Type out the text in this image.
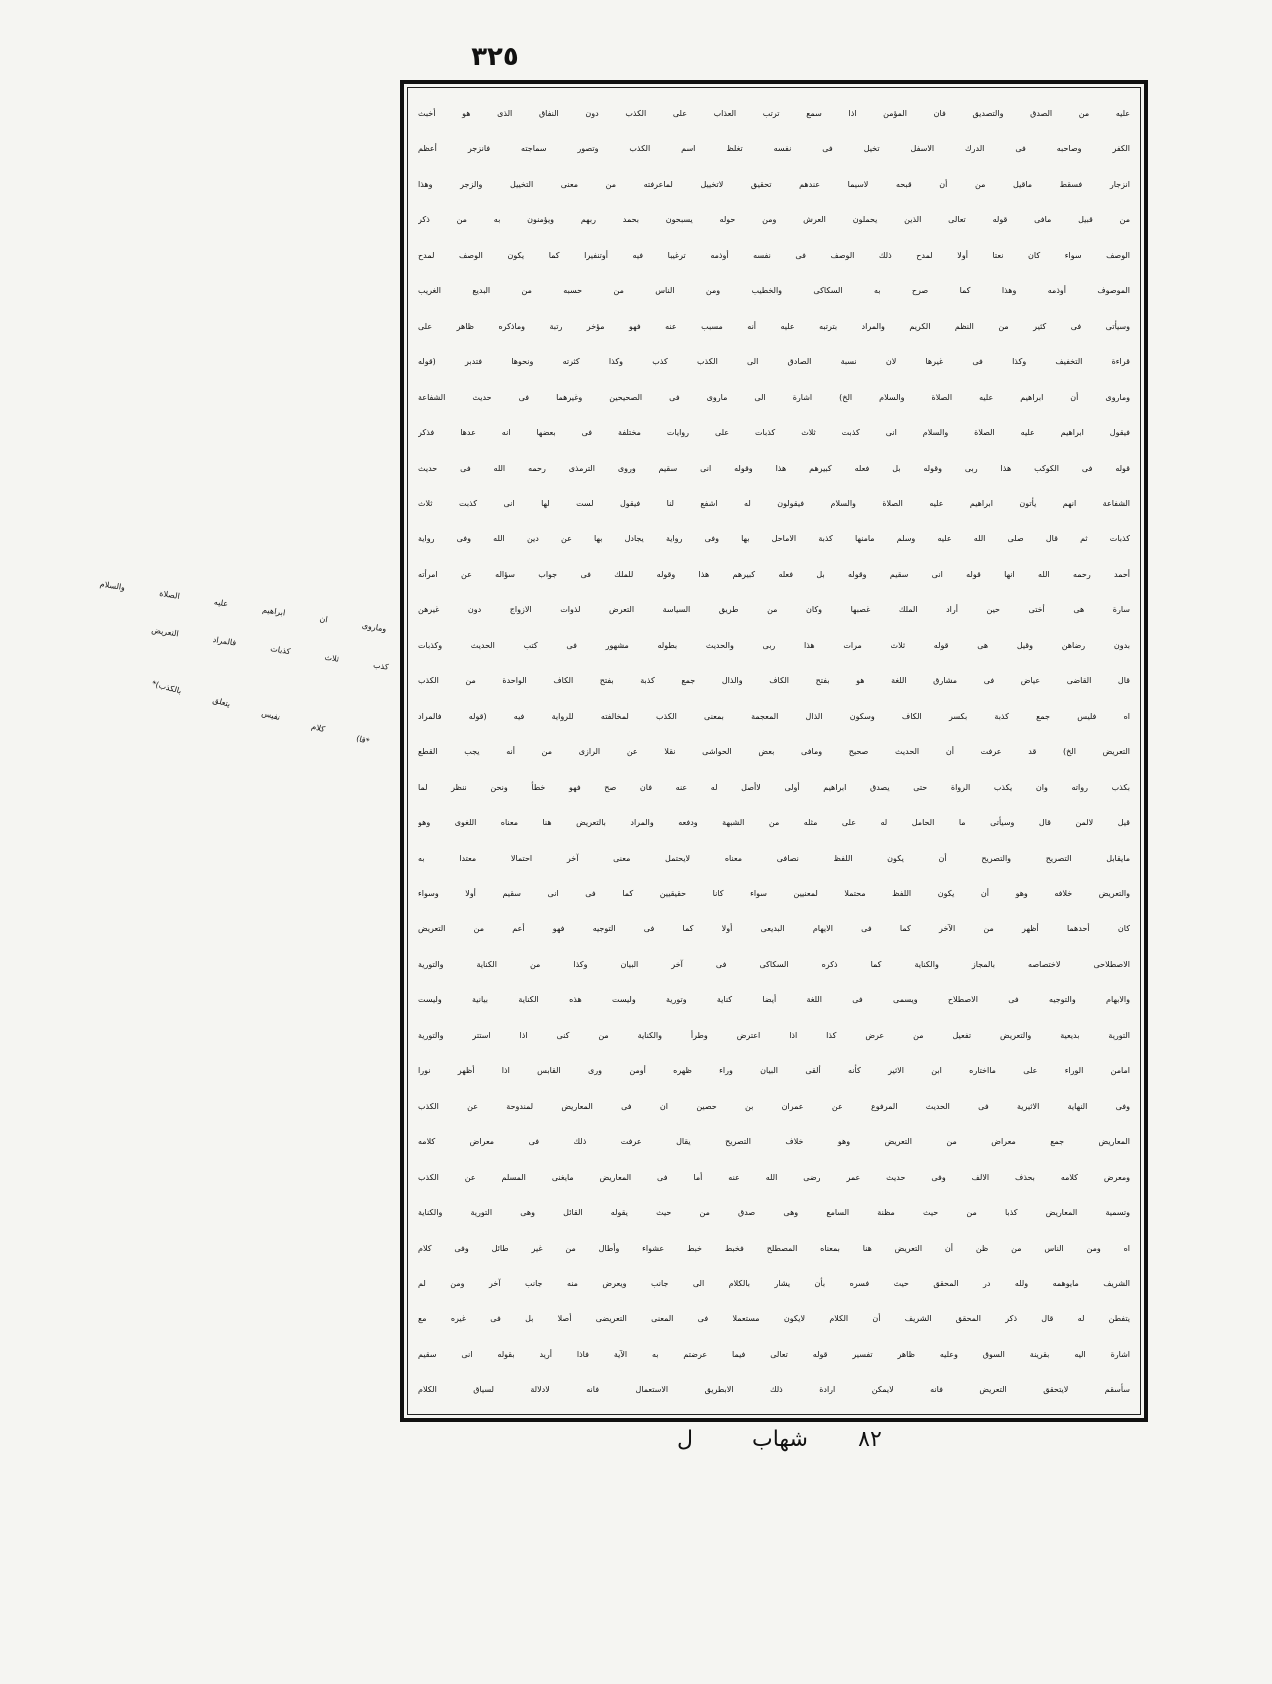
٣٢٥
عليه من الصدق والتصديق فان المؤمن اذا سمع ترتب العذاب على الكذب دون النفاق الذى هو أخبث
الكفر وصاحبه فى الدرك الاسفل تخيل فى نفسه تغلظ اسم الكذب وتصور سماجته فانزجر أعظم
انزجار فسقط ماقيل من أن قبحه لاسيما عندهم تحقيق لاتخييل لماعرفته من معنى التخييل والزجر وهذا
من قبيل مافى قوله تعالى الذين يحملون العرش ومن حوله يسبحون بحمد ربهم ويؤمنون به من ذكر
الوصف سواء كان نعتا أولا لمدح ذلك الوصف فى نفسه أوذمه ترغيبا فيه أوتنفيرا كما يكون الوصف لمدح
الموصوف أوذمه وهذا كما صرح به السكاكى والخطيب ومن الناس من حسبه من البديع الغريب
وسيأتى فى كثير من النظم الكريم والمراد بترتبه عليه أنه مسبب عنه فهو مؤخر رتبة وماذكره ظاهر على
قراءة التخفيف وكذا فى غيرها لان نسبة الصادق الى الكذب كذب وكذا كثرته ونحوها فتدبر (قوله
وماروى أن ابراهيم عليه الصلاة والسلام الخ) اشارة الى ماروى فى الصحيحين وغيرهما فى حديث الشفاعة
فيقول ابراهيم عليه الصلاة والسلام انى كذبت ثلاث كذبات على روايات مختلفة فى بعضها انه عدها فذكر
قوله فى الكوكب هذا ربى وقوله بل فعله كبيرهم هذا وقوله انى سقيم وروى الترمذى رحمه الله فى حديث
الشفاعة انهم يأتون ابراهيم عليه الصلاة والسلام فيقولون له اشفع لنا فيقول لست لها انى كذبت ثلاث
كذبات ثم قال صلى الله عليه وسلم مامنها كذبة الاماحل بها وفى رواية يجادل بها عن دين الله وفى رواية
أحمد رحمه الله انها قوله انى سقيم وقوله بل فعله كبيرهم هذا وقوله للملك فى جواب سؤاله عن امرأته
سارة هى أختى حين أراد الملك غصبها وكان من طريق السياسة التعرض لذوات الازواج دون غيرهن
بدون رضاهن وقيل هى قوله ثلاث مرات هذا ربى والحديث بطوله مشهور فى كتب الحديث وكذبات
قال القاضى عياض فى مشارق اللغة هو بفتح الكاف والذال جمع كذبة بفتح الكاف الواحدة من الكذب
اه فليس جمع كذبة بكسر الكاف وسكون الذال المعجمة بمعنى الكذب لمخالفته للرواية فيه (قوله فالمراد
التعريض الخ) قد عرفت أن الحديث صحيح ومافى بعض الحواشى نقلا عن الرازى من أنه يجب القطع
بكذب رواته وان يكذب الرواة حتى يصدق ابراهيم أولى لاأصل له عنه فان صح فهو خطأ ونحن ننظر لما
قيل لالمن قال وسيأتى ما الحامل له على مثله من الشبهة ودفعه والمراد بالتعريض هنا معناه اللغوى وهو
مايقابل التصريح والتصريح أن يكون اللفظ نصافى معناه لايحتمل معنى آخر احتمالا معتدا به
والتعريض خلافه وهو أن يكون اللفظ محتملا لمعنيين سواء كانا حقيقيين كما فى انى سقيم أولا وسواء
كان أحدهما أظهر من الآخر كما فى الايهام البديعى أولا كما فى التوجيه فهو أعم من التعريض
الاصطلاحى لاختصاصه بالمجاز والكناية كما ذكره السكاكى فى آخر البيان وكذا من الكناية والتورية
والابهام والتوجيه فى الاصطلاح ويسمى فى اللغة أيضا كناية وتورية وليست هذه الكناية بيانية وليست
التورية بديعية والتعريض تفعيل من عرض كذا اذا اعترض وطرأ والكناية من كنى اذا استتر والتورية
امامن الوراء على مااختاره ابن الاثير كأنه ألقى البيان وراء ظهره أومن ورى القابس اذا أظهر نورا
وفى النهاية الاثيرية فى الحديث المرفوع عن عمران بن حصين ان فى المعاريض لمندوحة عن الكذب
المعاريض جمع معراض من التعريض وهو خلاف التصريح يقال عرفت ذلك فى معراض كلامه
ومعرض كلامه بحذف الالف وفى حديث عمر رضى الله عنه أما فى المعاريض مايغنى المسلم عن الكذب
وتسمية المعاريض كذبا من حيث مظنة السامع وهى صدق من حيث يقوله القائل وهى التورية والكناية
اه ومن الناس من ظن أن التعريض هنا بمعناه المصطلح فخبط خبط عشواء وأطال من غير طائل وفى كلام
الشريف مايوهمه ولله در المحقق حيث فسره بأن يشار بالكلام الى جانب ويعرض منه جانب آخر ومن لم
يتفطن له قال ذكر المحقق الشريف أن الكلام لايكون مستعملا فى المعنى التعريضى أصلا بل فى غيره مع
اشارة اليه بقرينة السوق وعليه ظاهر تفسير قوله تعالى فيما عرضتم به الآية فاذا أريد بقوله انى سقيم
سأسقم لايتحقق التعريض فانه لايمكن ارادة ذلك الابطريق الاستعمال فانه لادلالة لسياق الكلام
وماروى ان ابراهيم عليه الصلاة والسلام
كذب ثلاث كذبات فالمراد التعريض
*قا) كلام نفيس يتعلق بالكذب)*
٨٢
شهاب
ل
